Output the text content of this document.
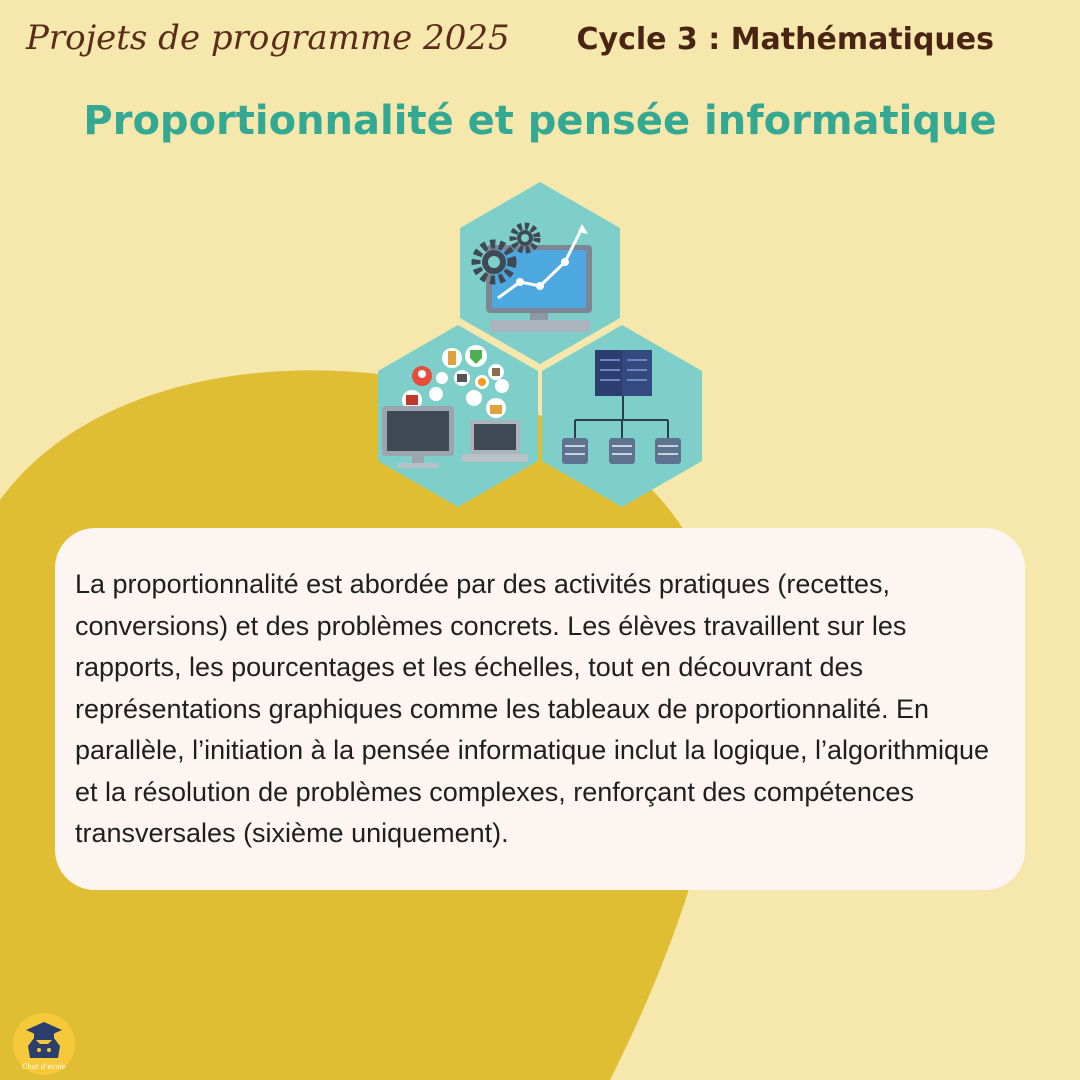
Projets de programme 2025 Cycle 3 : Mathématiques
Proportionnalité et pensée informatique

La proportionnalité est abordée par des activités pratiques (recettes, conversions) et des problèmes concrets. Les élèves travaillent sur les rapports, les pourcentages et les échelles, tout en découvrant des représentations graphiques comme les tableaux de proportionnalité. En parallèle, l’initiation à la pensée informatique inclut la logique, l’algorithmique et la résolution de problèmes complexes, renforçant des compétences transversales (sixième uniquement).

Chat d'école
